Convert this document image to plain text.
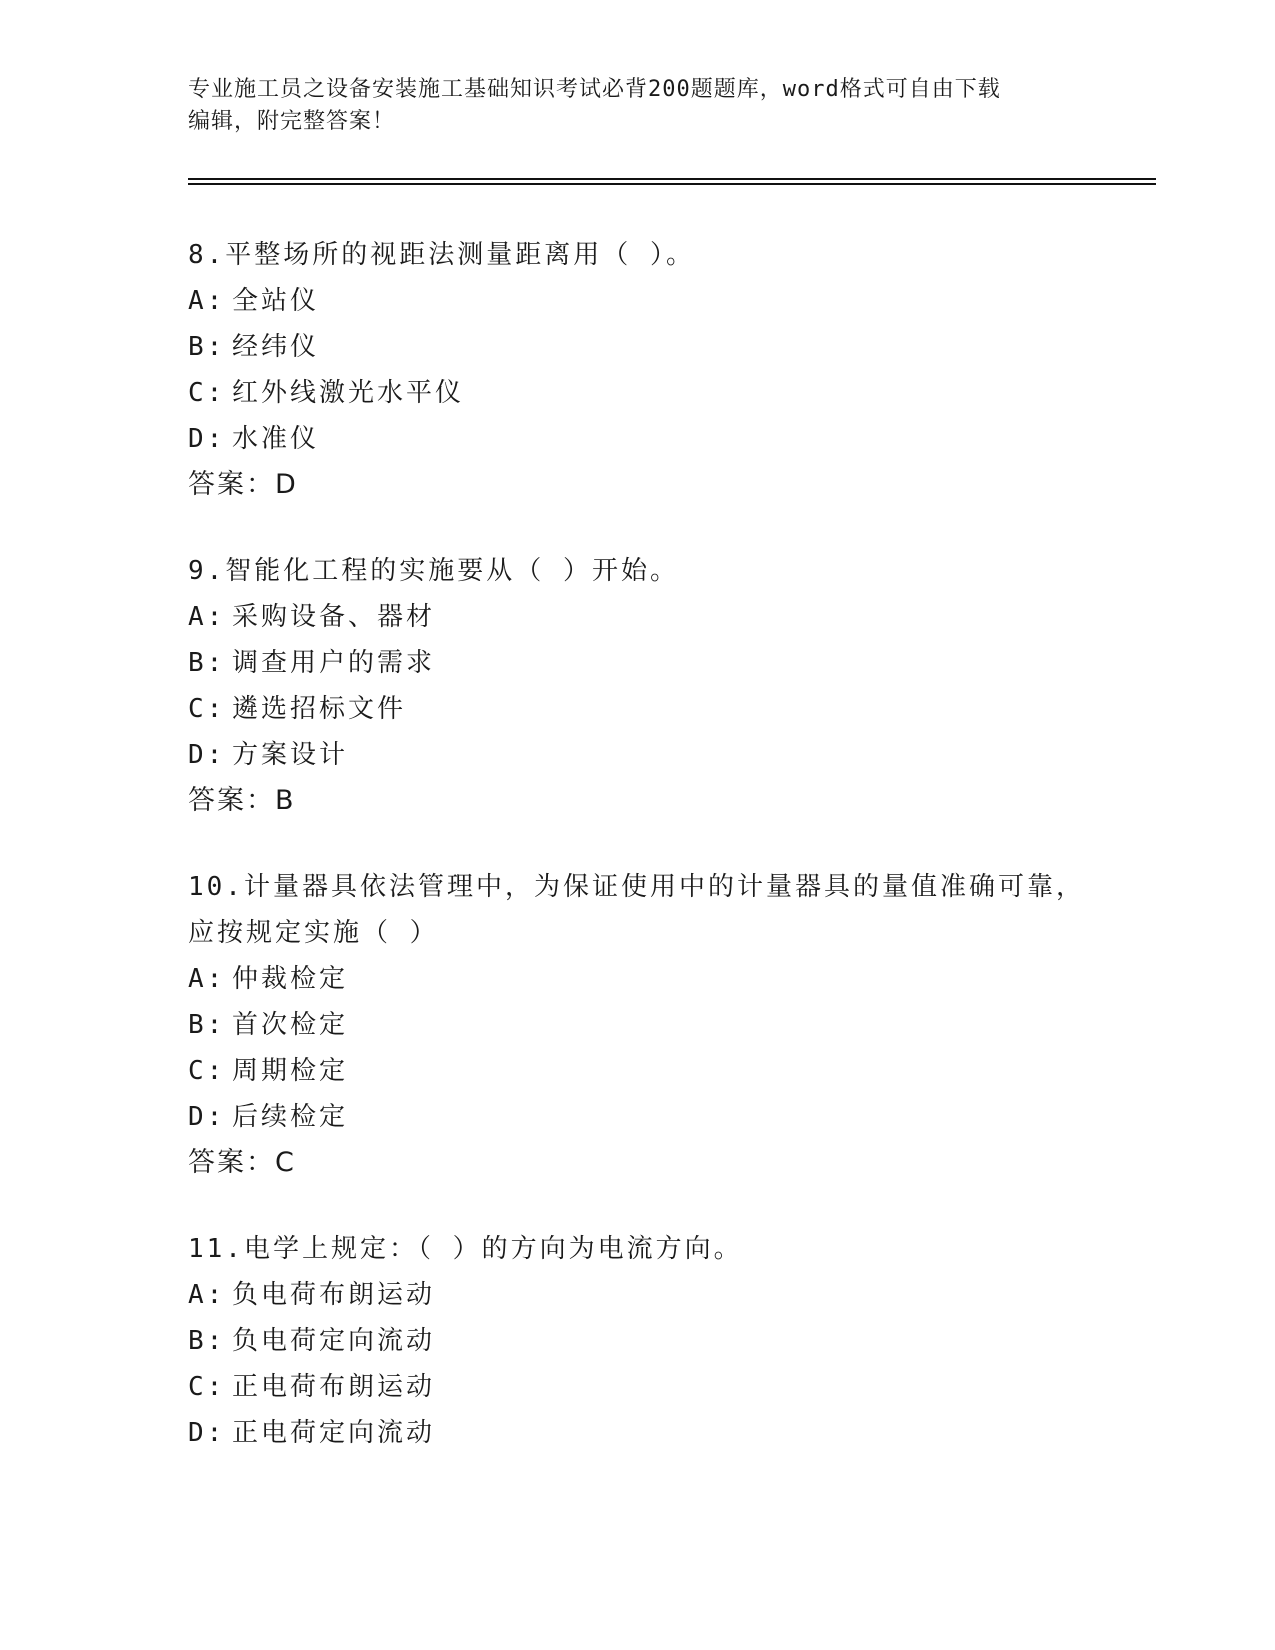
专业施工员之设备安装施工基础知识考试必背200题题库，word格式可自由下载
编辑，附完整答案！

8.平整场所的视距法测量距离用（ ）。

A: 全站仪

B: 经纬仪

C: 红外线激光水平仪

D: 水准仪

答案：D

9.智能化工程的实施要从（ ）开始。

A: 采购设备、器材

B: 调查用户的需求

C: 遴选招标文件

D: 方案设计

答案：B

10.计量器具依法管理中，为保证使用中的计量器具的量值准确可靠，

应按规定实施（ ）

A: 仲裁检定

B: 首次检定

C: 周期检定

D: 后续检定

答案：C

11.电学上规定：（ ）的方向为电流方向。

A: 负电荷布朗运动

B: 负电荷定向流动

C: 正电荷布朗运动

D: 正电荷定向流动
